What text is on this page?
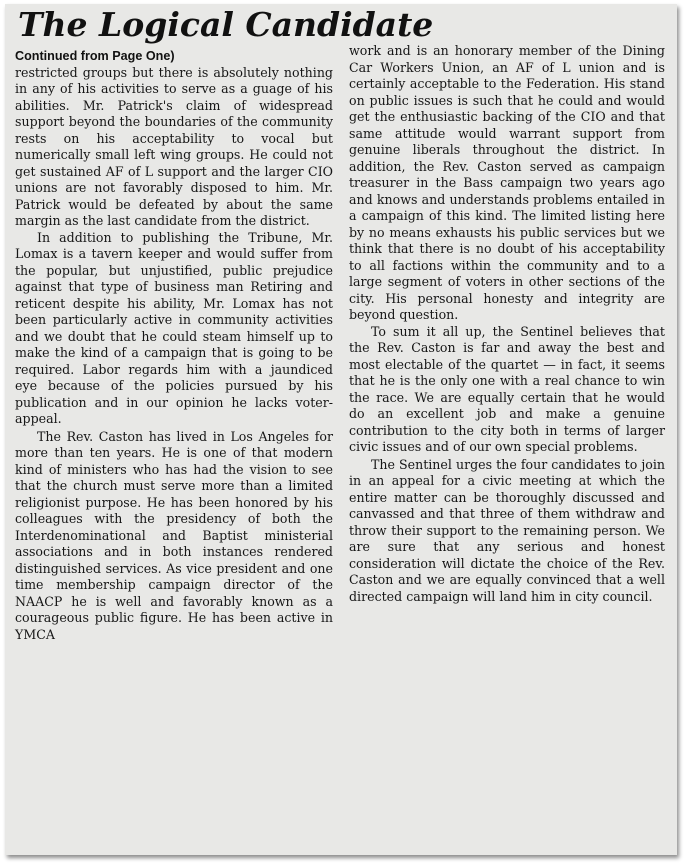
The Logical Candidate
Continued from Page One)

restricted groups but there is absolutely nothing in any of his activities to serve as a guage of his abilities. Mr. Patrick's claim of widespread support beyond the boundaries of the community rests on his acceptability to vocal but numerically small left wing groups. He could not get sustained AF of L support and the larger CIO unions are not favorably disposed to him. Mr. Patrick would be defeated by about the same margin as the last candidate from the district.

In addition to publishing the Tribune, Mr. Lomax is a tavern keeper and would suffer from the popular, but unjustified, public prejudice against that type of business man Retiring and reticent despite his ability, Mr. Lomax has not been particularly active in community activities and we doubt that he could steam himself up to make the kind of a campaign that is going to be required. Labor regards him with a jaundiced eye because of the policies pursued by his publication and in our opinion he lacks voter-appeal.

The Rev. Caston has lived in Los Angeles for more than ten years. He is one of that modern kind of ministers who has had the vision to see that the church must serve more than a limited religionist purpose. He has been honored by his colleagues with the presidency of both the Interdenominational and Baptist ministerial associations and in both instances rendered distinguished services. As vice president and one time membership campaign director of the NAACP he is well and favorably known as a courageous public figure. He has been active in YMCA

work and is an honorary member of the Dining Car Workers Union, an AF of L union and is certainly acceptable to the Federation. His stand on public issues is such that he could and would get the enthusiastic backing of the CIO and that same attitude would warrant support from genuine liberals throughout the district. In addition, the Rev. Caston served as campaign treasurer in the Bass campaign two years ago and knows and understands problems entailed in a campaign of this kind. The limited listing here by no means exhausts his public services but we think that there is no doubt of his acceptability to all factions within the community and to a large segment of voters in other sections of the city. His personal honesty and integrity are beyond question.

To sum it all up, the Sentinel believes that the Rev. Caston is far and away the best and most electable of the quartet — in fact, it seems that he is the only one with a real chance to win the race. We are equally certain that he would do an excellent job and make a genuine contribution to the city both in terms of larger civic issues and of our own special problems.

The Sentinel urges the four candidates to join in an appeal for a civic meeting at which the entire matter can be thoroughly discussed and canvassed and that three of them withdraw and throw their support to the remaining person. We are sure that any serious and honest consideration will dictate the choice of the Rev. Caston and we are equally convinced that a well directed campaign will land him in city council.
